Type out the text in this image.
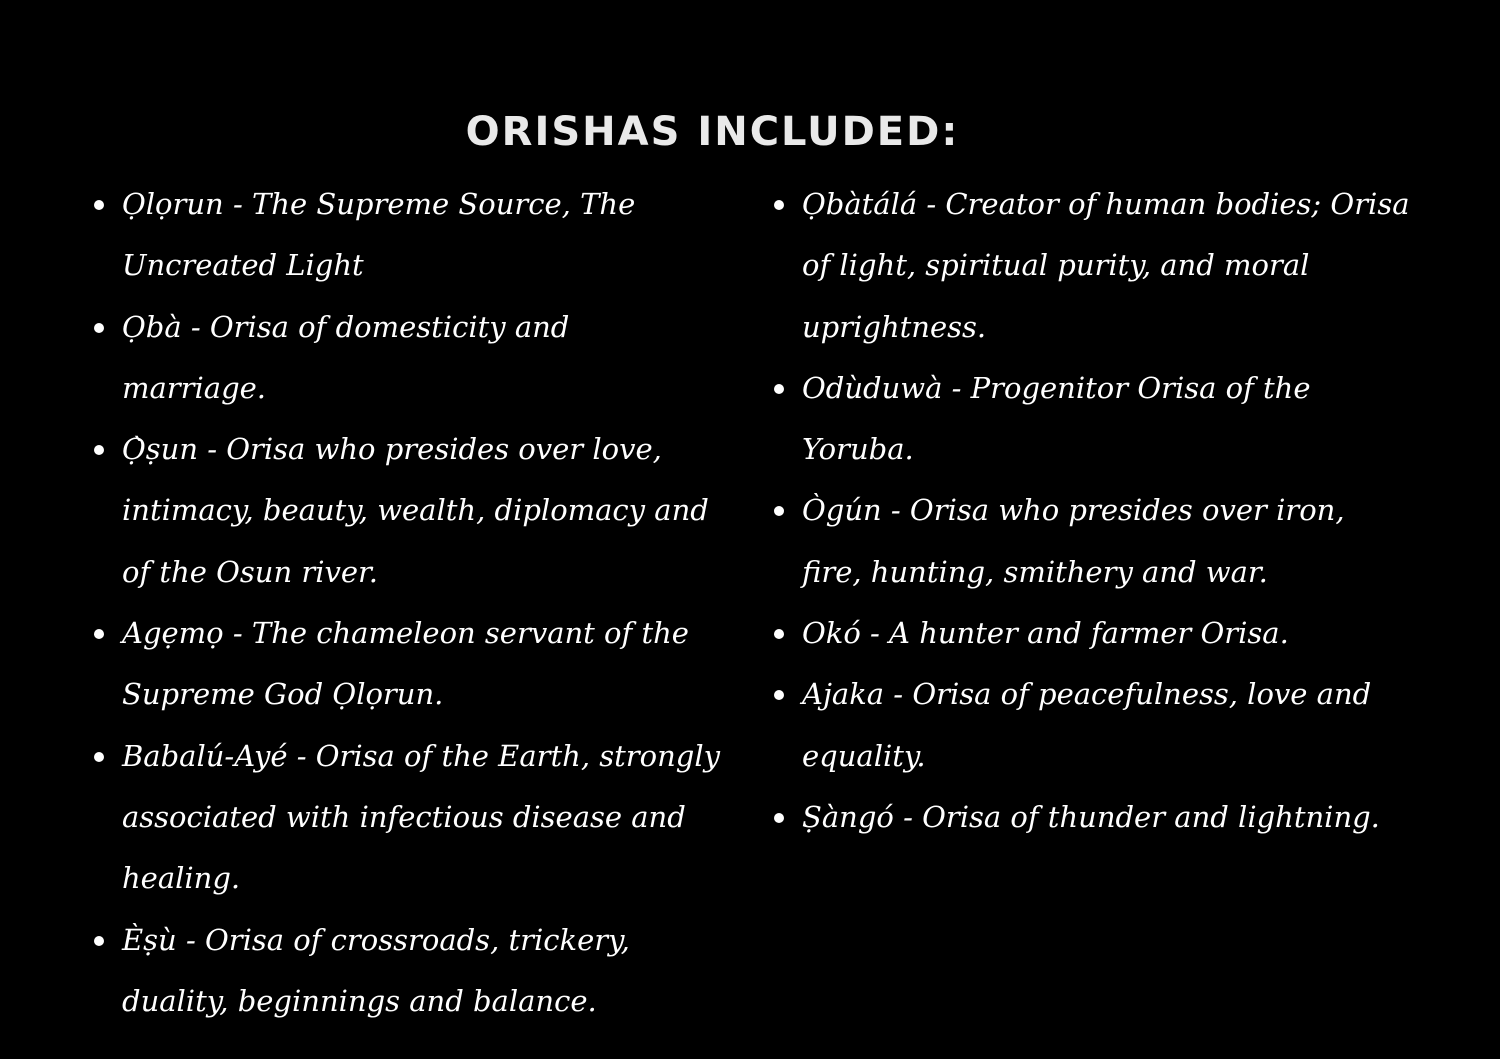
ORISHAS INCLUDED:
Ọlọrun - The Supreme Source, The Uncreated Light
Ọbà - Orisa of domesticity and marriage.
Ọ̀ṣun - Orisa who presides over love, intimacy, beauty, wealth, diplomacy and of the Osun river.
Agẹmọ - The chameleon servant of the Supreme God Ọlọrun.
Babalú-Ayé - Orisa of the Earth, strongly associated with infectious disease and healing.
Èṣù - Orisa of crossroads, trickery, duality, beginnings and balance.
Ọbàtálá - Creator of human bodies; Orisa of light, spiritual purity, and moral uprightness.
Odùduwà - Progenitor Orisa of the Yoruba.
Ògún - Orisa who presides over iron, fire, hunting, smithery and war.
Okó - A hunter and farmer Orisa.
Ajaka - Orisa of peacefulness, love and equality.
Ṣàngó - Orisa of thunder and lightning.
